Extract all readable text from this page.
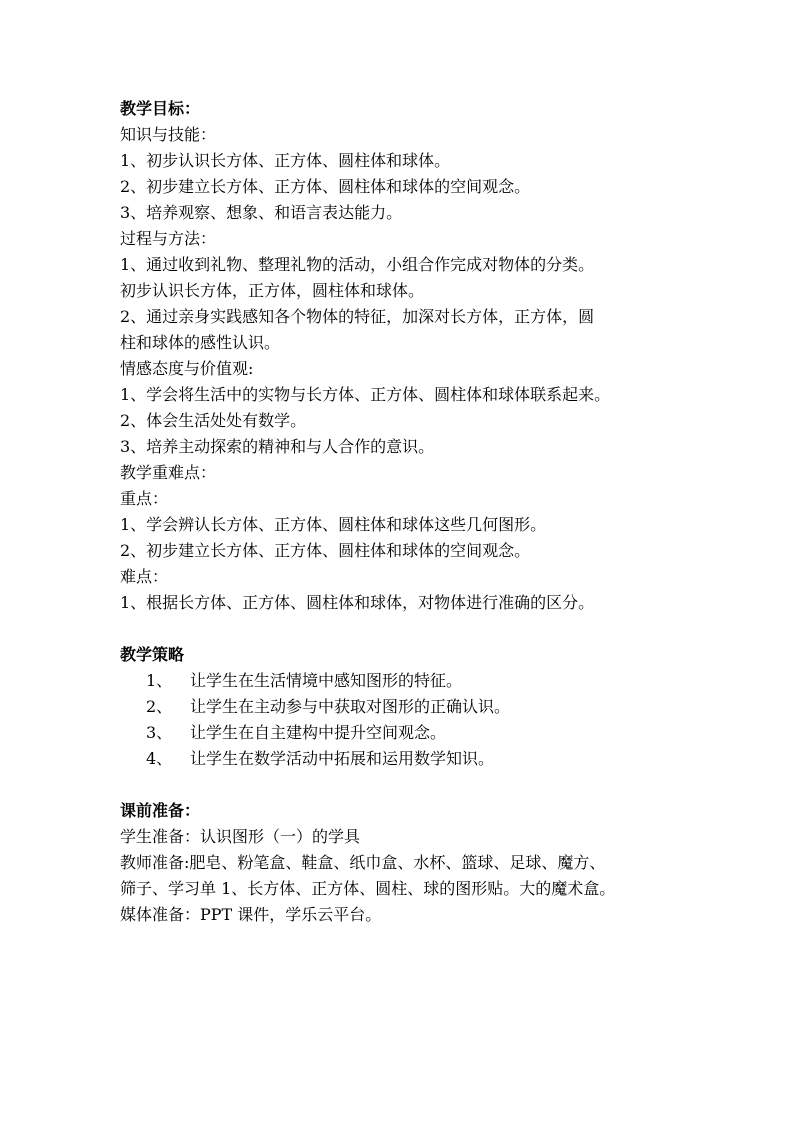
教学目标：
知识与技能：
1、初步认识长方体、正方体、圆柱体和球体。
2、初步建立长方体、正方体、圆柱体和球体的空间观念。
3、培养观察、想象、和语言表达能力。
过程与方法：
1、通过收到礼物、整理礼物的活动，小组合作完成对物体的分类。
初步认识长方体，正方体，圆柱体和球体。
2、通过亲身实践感知各个物体的特征，加深对长方体，正方体，圆
柱和球体的感性认识。
情感态度与价值观:
1、学会将生活中的实物与长方体、正方体、圆柱体和球体联系起来。
2、体会生活处处有数学。
3、培养主动探索的精神和与人合作的意识。
教学重难点：
重点：
1、学会辨认长方体、正方体、圆柱体和球体这些几何图形。
2、初步建立长方体、正方体、圆柱体和球体的空间观念。
难点：
1、根据长方体、正方体、圆柱体和球体，对物体进行准确的区分。
教学策略
1、	让学生在生活情境中感知图形的特征。
2、	让学生在主动参与中获取对图形的正确认识。
3、	让学生在自主建构中提升空间观念。
4、	让学生在数学活动中拓展和运用数学知识。
课前准备：
学生准备：认识图形（一）的学具
教师准备:肥皂、粉笔盒、鞋盒、纸巾盒、水杯、篮球、足球、魔方、
筛子、学习单 1、长方体、正方体、圆柱、球的图形贴。大的魔术盒。
媒体准备：PPT 课件，学乐云平台。
